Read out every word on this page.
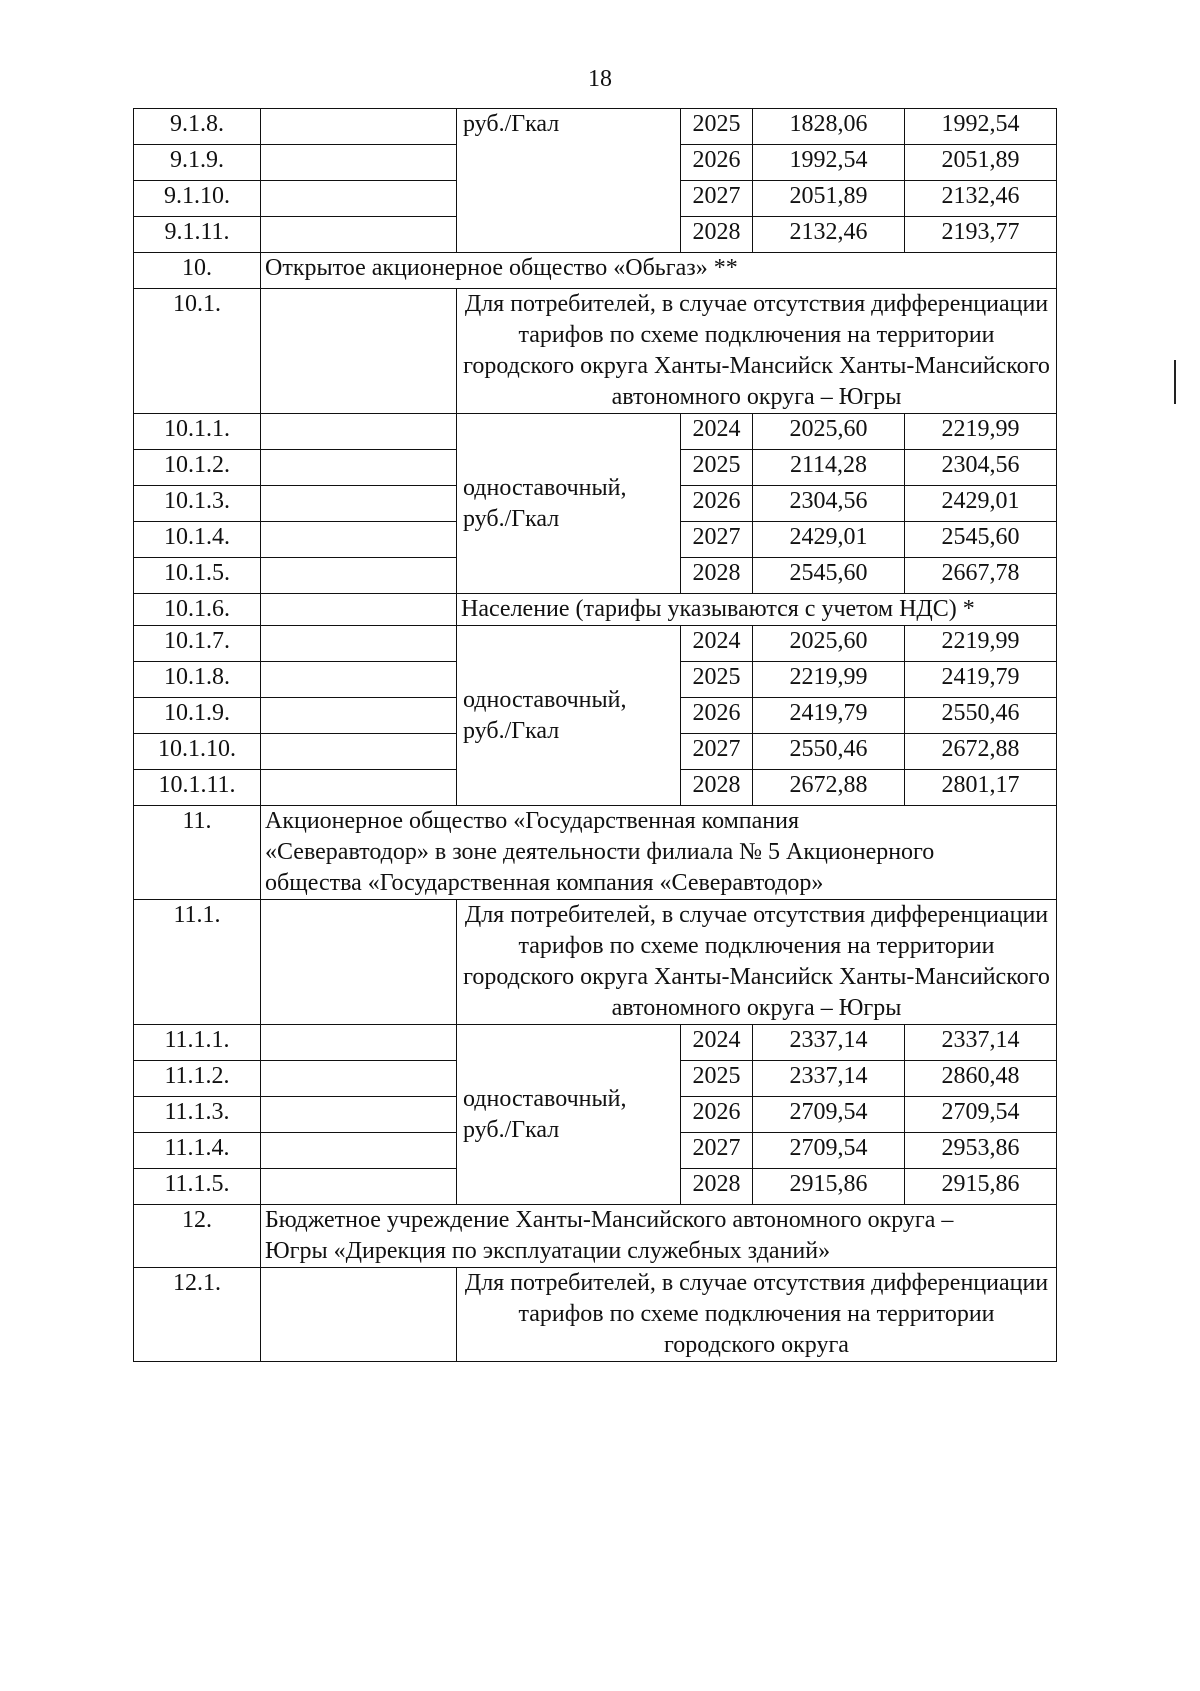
18
9.1.8.		руб./Гкал	2025	1828,06	1992,54
9.1.9.			2026	1992,54	2051,89
9.1.10.			2027	2051,89	2132,46
9.1.11.			2028	2132,46	2193,77
10.	Открытое акционерное общество «Обьгаз» **				
10.1.		Для потребителей, в случае отсутствия дифференциации тарифов по схеме подключения на территории городского округа Ханты-Мансийск Ханты-Мансийского автономного округа – Югры			
10.1.1.		одноставочный, руб./Гкал	2024	2025,60	2219,99
10.1.2.			2025	2114,28	2304,56
10.1.3.			2026	2304,56	2429,01
10.1.4.			2027	2429,01	2545,60
10.1.5.			2028	2545,60	2667,78
10.1.6.		Население (тарифы указываются с учетом НДС) *			
10.1.7.		одноставочный, руб./Гкал	2024	2025,60	2219,99
10.1.8.			2025	2219,99	2419,79
10.1.9.			2026	2419,79	2550,46
10.1.10.			2027	2550,46	2672,88
10.1.11.			2028	2672,88	2801,17
11.	Акционерное общество «Государственная компания «Северавтодор» в зоне деятельности филиала № 5 Акционерного общества «Государственная компания «Северавтодор»				
11.1.		Для потребителей, в случае отсутствия дифференциации тарифов по схеме подключения на территории городского округа Ханты-Мансийск Ханты-Мансийского автономного округа – Югры			
11.1.1.		одноставочный, руб./Гкал	2024	2337,14	2337,14
11.1.2.			2025	2337,14	2860,48
11.1.3.			2026	2709,54	2709,54
11.1.4.			2027	2709,54	2953,86
11.1.5.			2028	2915,86	2915,86
12.	Бюджетное учреждение Ханты-Мансийского автономного округа – Югры «Дирекция по эксплуатации служебных зданий»				
12.1.		Для потребителей, в случае отсутствия дифференциации тарифов по схеме подключения на территории городского округа			
